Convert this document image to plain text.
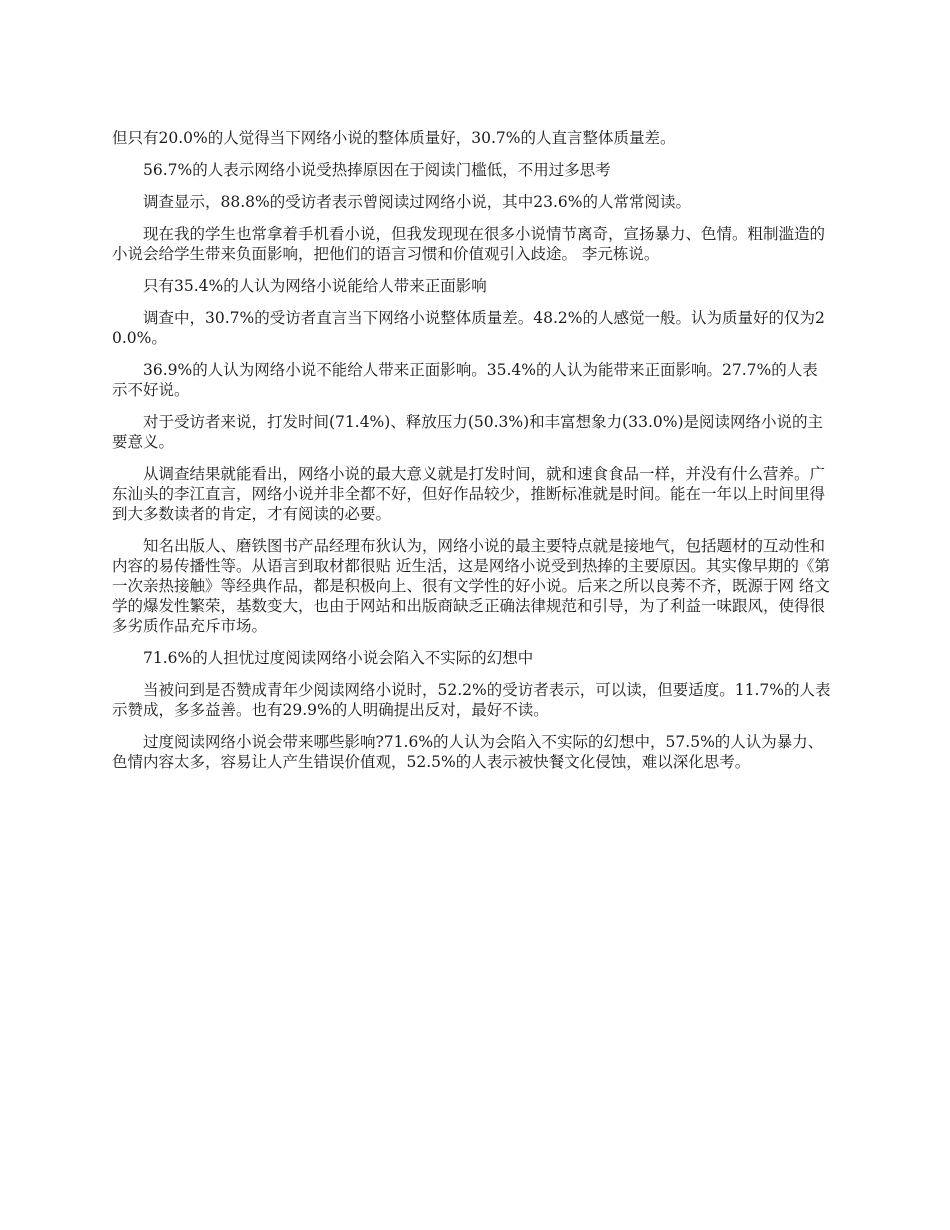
但只有20.0%的人觉得当下网络小说的整体质量好，30.7%的人直言整体质量差。

56.7%的人表示网络小说受热捧原因在于阅读门槛低，不用过多思考

调查显示，88.8%的受访者表示曾阅读过网络小说，其中23.6%的人常常阅读。

现在我的学生也常拿着手机看小说，但我发现现在很多小说情节离奇，宣扬暴力、色情。粗制滥造的小说会给学生带来负面影响，把他们的语言习惯和价值观引入歧途。 李元栋说。

只有35.4%的人认为网络小说能给人带来正面影响

调查中，30.7%的受访者直言当下网络小说整体质量差。48.2%的人感觉一般。认为质量好的仅为20.0%。

36.9%的人认为网络小说不能给人带来正面影响。35.4%的人认为能带来正面影响。27.7%的人表示不好说。

对于受访者来说，打发时间(71.4%)、释放压力(50.3%)和丰富想象力(33.0%)是阅读网络小说的主要意义。

从调查结果就能看出，网络小说的最大意义就是打发时间，就和速食食品一样，并没有什么营养。广东汕头的李江直言，网络小说并非全都不好，但好作品较少，推断标准就是时间。能在一年以上时间里得到大多数读者的肯定，才有阅读的必要。

知名出版人、磨铁图书产品经理布狄认为，网络小说的最主要特点就是接地气，包括题材的互动性和内容的易传播性等。从语言到取材都很贴 近生活，这是网络小说受到热捧的主要原因。其实像早期的《第一次亲热接触》等经典作品，都是积极向上、很有文学性的好小说。后来之所以良莠不齐，既源于网 络文学的爆发性繁荣，基数变大，也由于网站和出版商缺乏正确法律规范和引导，为了利益一味跟风，使得很多劣质作品充斥市场。

71.6%的人担忧过度阅读网络小说会陷入不实际的幻想中

当被问到是否赞成青年少阅读网络小说时，52.2%的受访者表示，可以读，但要适度。11.7%的人表示赞成，多多益善。也有29.9%的人明确提出反对，最好不读。

过度阅读网络小说会带来哪些影响?71.6%的人认为会陷入不实际的幻想中，57.5%的人认为暴力、色情内容太多，容易让人产生错误价值观，52.5%的人表示被快餐文化侵蚀，难以深化思考。
